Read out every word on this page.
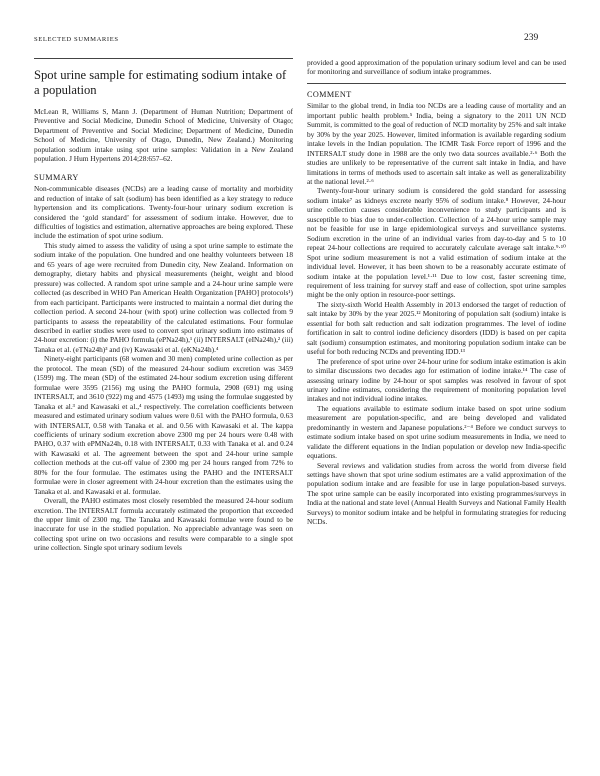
SELECTED SUMMARIES	239
Spot urine sample for estimating sodium intake of a population

McLean R, Williams S, Mann J. (Department of Human Nutrition; Department of Preventive and Social Medicine, Dunedin School of Medicine, University of Otago; Department of Preventive and Social Medicine; Department of Medicine, Dunedin School of Medicine, University of Otago, Dunedin, New Zealand.) Monitoring population sodium intake using spot urine samples: Validation in a New Zealand population. J Hum Hypertens 2014;28:657–62.

SUMMARY

Non-communicable diseases (NCDs) are a leading cause of mortality and morbidity and reduction of intake of salt (sodium) has been identified as a key strategy to reduce hypertension and its complications. Twenty-four-hour urinary sodium excretion is considered the ‘gold standard’ for assessment of sodium intake. However, due to difficulties of logistics and estimation, alternative approaches are being explored. These include the estimation of spot urine sodium.

This study aimed to assess the validity of using a spot urine sample to estimate the sodium intake of the population. One hundred and one healthy volunteers between 18 and 65 years of age were recruited from Dunedin city, New Zealand. Information on demography, dietary habits and physical measurements (height, weight and blood pressure) was collected. A random spot urine sample and a 24-hour urine sample were collected (as described in WHO Pan American Health Organization [PAHO] protocols¹) from each participant. Participants were instructed to maintain a normal diet during the collection period. A second 24-hour (with spot) urine collection was collected from 9 participants to assess the repeatability of the calculated estimations. Four formulae described in earlier studies were used to convert spot urinary sodium into estimates of 24-hour excretion: (i) the PAHO formula (ePNa24h),¹ (ii) INTERSALT (eINa24h),² (iii) Tanaka et al. (eTNa24h)³ and (iv) Kawasaki et al. (eKNa24h).⁴

Ninety-eight participants (68 women and 30 men) completed urine collection as per the protocol. The mean (SD) of the measured 24-hour sodium excretion was 3459 (1599) mg. The mean (SD) of the estimated 24-hour sodium excretion using different formulae were 3595 (2156) mg using the PAHO formula, 2908 (691) mg using INTERSALT, and 3610 (922) mg and 4575 (1493) mg using the formulae suggested by Tanaka et al.³ and Kawasaki et al.,⁴ respectively. The correlation coefficients between measured and estimated urinary sodium values were 0.61 with the PAHO formula, 0.63 with INTERSALT, 0.58 with Tanaka et al. and 0.56 with Kawasaki et al. The kappa coefficients of urinary sodium excretion above 2300 mg per 24 hours were 0.48 with PAHO, 0.37 with ePMNa24h, 0.18 with INTERSALT, 0.33 with Tanaka et al. and 0.24 with Kawasaki et al. The agreement between the spot and 24-hour urine sample collection methods at the cut-off value of 2300 mg per 24 hours ranged from 72% to 80% for the four formulae. The estimates using the PAHO and the INTERSALT formulae were in closer agreement with 24-hour excretion than the estimates using the Tanaka et al. and Kawasaki et al. formulae.

Overall, the PAHO estimates most closely resembled the measured 24-hour sodium excretion. The INTERSALT formula accurately estimated the proportion that exceeded the upper limit of 2300 mg. The Tanaka and Kawasaki formulae were found to be inaccurate for use in the studied population. No appreciable advantage was seen on collecting spot urine on two occasions and results were comparable to a single spot urine collection. Single spot urinary sodium levels

provided a good approximation of the population urinary sodium level and can be used for monitoring and surveillance of sodium intake programmes.

COMMENT

Similar to the global trend, in India too NCDs are a leading cause of mortality and an important public health problem.⁵ India, being a signatory to the 2011 UN NCD Summit, is committed to the goal of reduction of NCD mortality by 25% and salt intake by 30% by the year 2025. However, limited information is available regarding sodium intake levels in the Indian population. The ICMR Task Force report of 1996 and the INTERSALT study done in 1988 are the only two data sources available.²·⁶ Both the studies are unlikely to be representative of the current salt intake in India, and have limitations in terms of methods used to ascertain salt intake as well as generalizability at the national level.²·⁶

Twenty-four-hour urinary sodium is considered the gold standard for assessing sodium intake⁷ as kidneys excrete nearly 95% of sodium intake.⁸ However, 24-hour urine collection causes considerable inconvenience to study participants and is susceptible to bias due to under-collection. Collection of a 24-hour urine sample may not be feasible for use in large epidemiological surveys and surveillance systems. Sodium excretion in the urine of an individual varies from day-to-day and 5 to 10 repeat 24-hour collections are required to accurately calculate average salt intake.⁹·¹⁰ Spot urine sodium measurement is not a valid estimation of sodium intake at the individual level. However, it has been shown to be a reasonably accurate estimate of sodium intake at the population level.¹·¹¹ Due to low cost, faster screening time, requirement of less training for survey staff and ease of collection, spot urine samples might be the only option in resource-poor settings.

The sixty-sixth World Health Assembly in 2013 endorsed the target of reduction of salt intake by 30% by the year 2025.¹² Monitoring of population salt (sodium) intake is essential for both salt reduction and salt iodization programmes. The level of iodine fortification in salt to control iodine deficiency disorders (IDD) is based on per capita salt (sodium) consumption estimates, and monitoring population sodium intake can be useful for both reducing NCDs and preventing IDD.¹³

The preference of spot urine over 24-hour urine for sodium intake estimation is akin to similar discussions two decades ago for estimation of iodine intake.¹⁴ The case of assessing urinary iodine by 24-hour or spot samples was resolved in favour of spot urinary iodine estimates, considering the requirement of monitoring population level intakes and not individual iodine intakes.

The equations available to estimate sodium intake based on spot urine sodium measurement are population-specific, and are being developed and validated predominantly in western and Japanese populations.²⁻⁴ Before we conduct surveys to estimate sodium intake based on spot urine sodium measurements in India, we need to validate the different equations in the Indian population or develop new India-specific equations.

Several reviews and validation studies from across the world from diverse field settings have shown that spot urine sodium estimates are a valid approximation of the population sodium intake and are feasible for use in large population-based surveys. The spot urine sample can be easily incorporated into existing programmes/surveys in India at the national and state level (Annual Health Surveys and National Family Health Surveys) to monitor sodium intake and be helpful in formulating strategies for reducing NCDs.
